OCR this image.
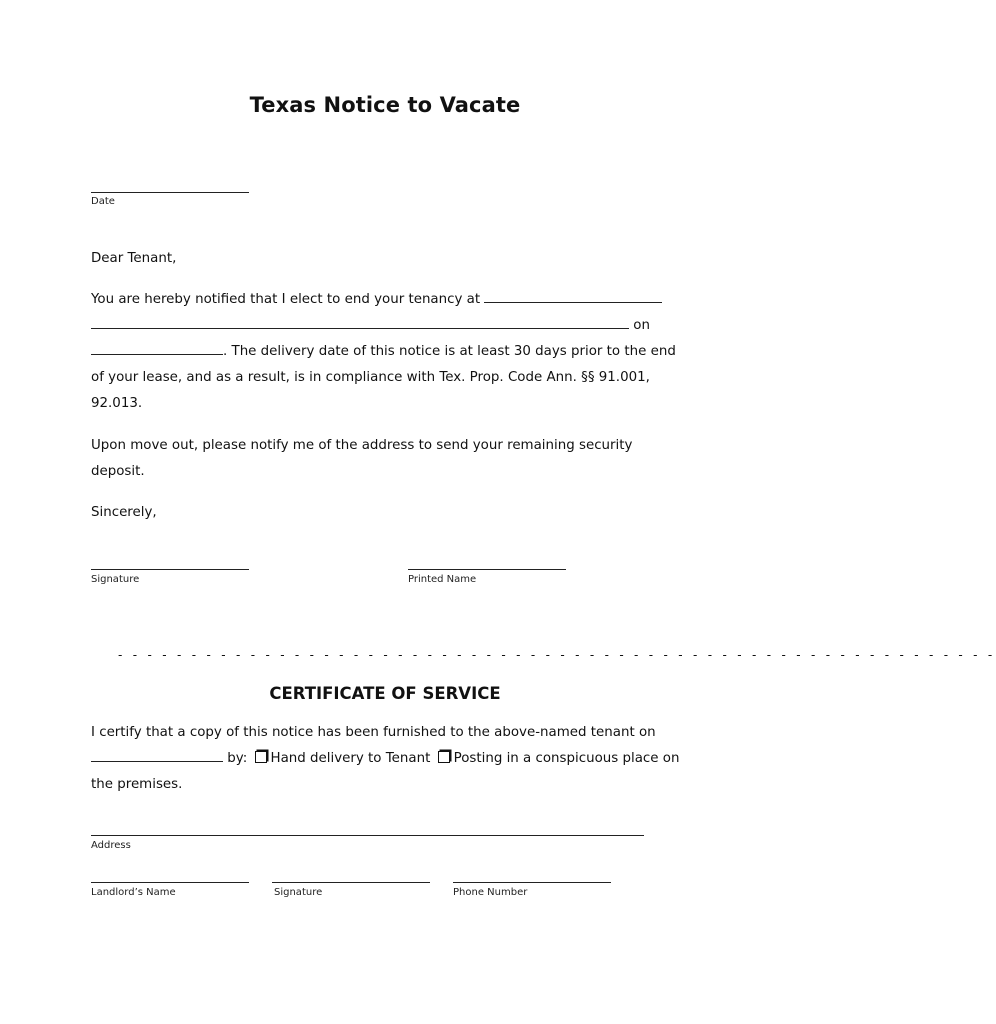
Texas Notice to Vacate
Date
Dear Tenant,
You are hereby notified that I elect to end your tenancy at   on . The delivery date of this notice is at least 30 days prior to the end of your lease, and as a result, is in compliance with Tex. Prop. Code Ann. §§ 91.001, 92.013.
Upon move out, please notify me of the address to send your remaining security deposit.
Sincerely,
Signature	Printed Name
- - - - - - - - - - - - - - - - - - - - - - - - - - - - - - - - - - - - - - - - - - - - - - - - - - - - - - - - - - - -
CERTIFICATE OF SERVICE
I certify that a copy of this notice has been furnished to the above-named tenant on  by: Hand delivery to Tenant Posting in a conspicuous place on the premises.
Address
Landlord’s Name	Signature	Phone Number
